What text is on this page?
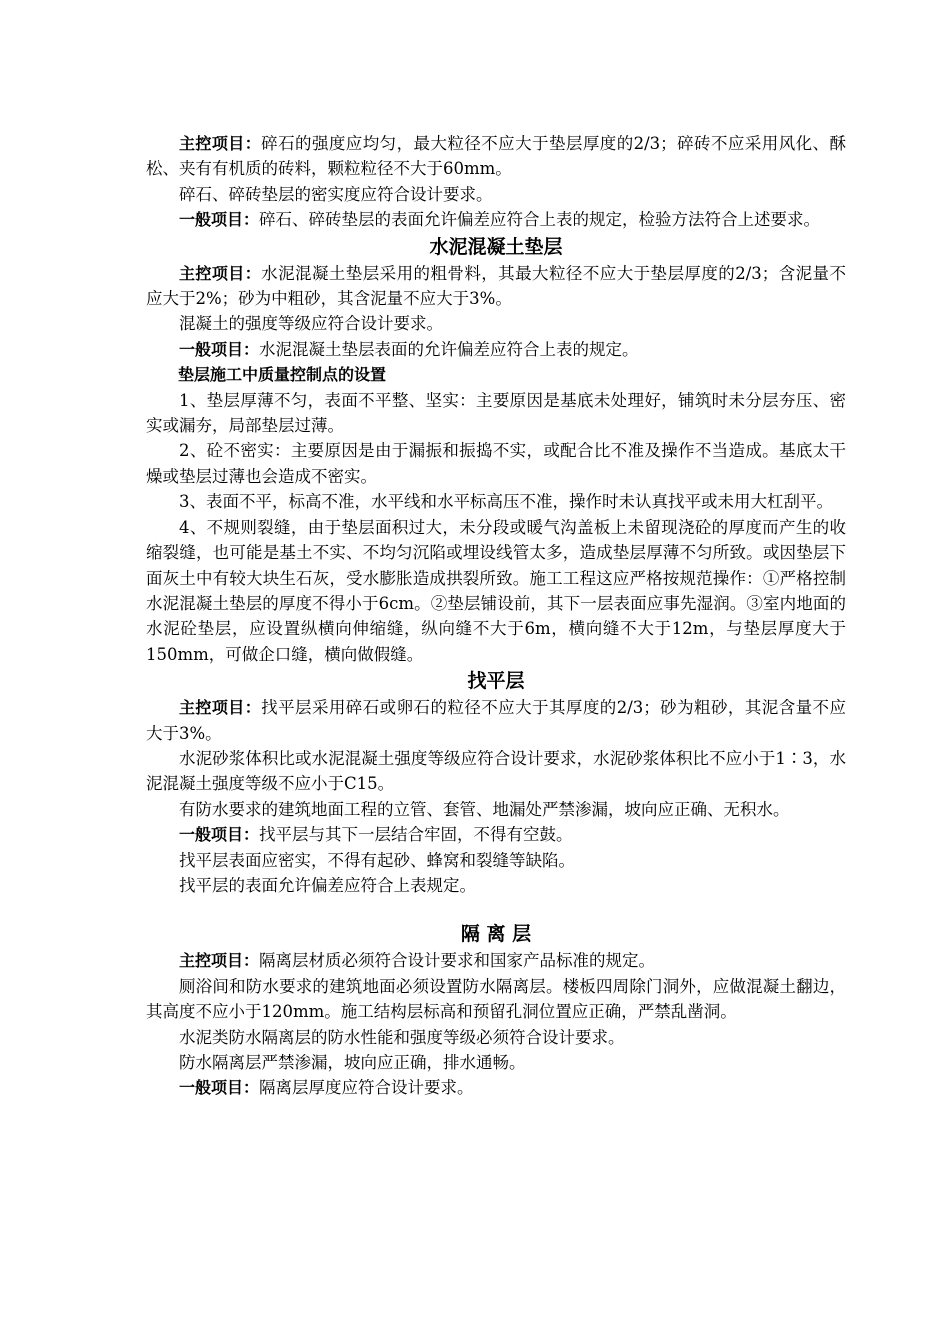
主控项目：碎石的强度应均匀，最大粒径不应大于垫层厚度的2/3；碎砖不应采用风化、酥松、夹有有机质的砖料，颗粒粒径不大于60mm。

碎石、碎砖垫层的密实度应符合设计要求。

一般项目：碎石、碎砖垫层的表面允许偏差应符合上表的规定，检验方法符合上述要求。

水泥混凝土垫层

主控项目：水泥混凝土垫层采用的粗骨料，其最大粒径不应大于垫层厚度的2/3；含泥量不应大于2%；砂为中粗砂，其含泥量不应大于3%。

混凝土的强度等级应符合设计要求。

一般项目：水泥混凝土垫层表面的允许偏差应符合上表的规定。

垫层施工中质量控制点的设置

1、垫层厚薄不匀，表面不平整、坚实：主要原因是基底未处理好，铺筑时未分层夯压、密实或漏夯，局部垫层过薄。

2、砼不密实：主要原因是由于漏振和振捣不实，或配合比不准及操作不当造成。基底太干燥或垫层过薄也会造成不密实。

3、表面不平，标高不准，水平线和水平标高压不准，操作时未认真找平或未用大杠刮平。

4、不规则裂缝，由于垫层面积过大，未分段或暖气沟盖板上未留现浇砼的厚度而产生的收缩裂缝，也可能是基土不实、不均匀沉陷或埋设线管太多，造成垫层厚薄不匀所致。或因垫层下面灰土中有较大块生石灰，受水膨胀造成拱裂所致。施工工程这应严格按规范操作：①严格控制水泥混凝土垫层的厚度不得小于6cm。②垫层铺设前，其下一层表面应事先湿润。③室内地面的水泥砼垫层，应设置纵横向伸缩缝，纵向缝不大于6m，横向缝不大于12m，与垫层厚度大于150mm，可做企口缝，横向做假缝。

找平层

主控项目：找平层采用碎石或卵石的粒径不应大于其厚度的2/3；砂为粗砂，其泥含量不应大于3%。

水泥砂浆体积比或水泥混凝土强度等级应符合设计要求，水泥砂浆体积比不应小于1∶3，水泥混凝土强度等级不应小于C15。

有防水要求的建筑地面工程的立管、套管、地漏处严禁渗漏，坡向应正确、无积水。

一般项目：找平层与其下一层结合牢固，不得有空鼓。

找平层表面应密实，不得有起砂、蜂窝和裂缝等缺陷。

找平层的表面允许偏差应符合上表规定。

隔 离 层

主控项目：隔离层材质必须符合设计要求和国家产品标准的规定。

厕浴间和防水要求的建筑地面必须设置防水隔离层。楼板四周除门洞外，应做混凝土翻边，其高度不应小于120mm。施工结构层标高和预留孔洞位置应正确，严禁乱凿洞。

水泥类防水隔离层的防水性能和强度等级必须符合设计要求。

防水隔离层严禁渗漏，坡向应正确，排水通畅。

一般项目：隔离层厚度应符合设计要求。
